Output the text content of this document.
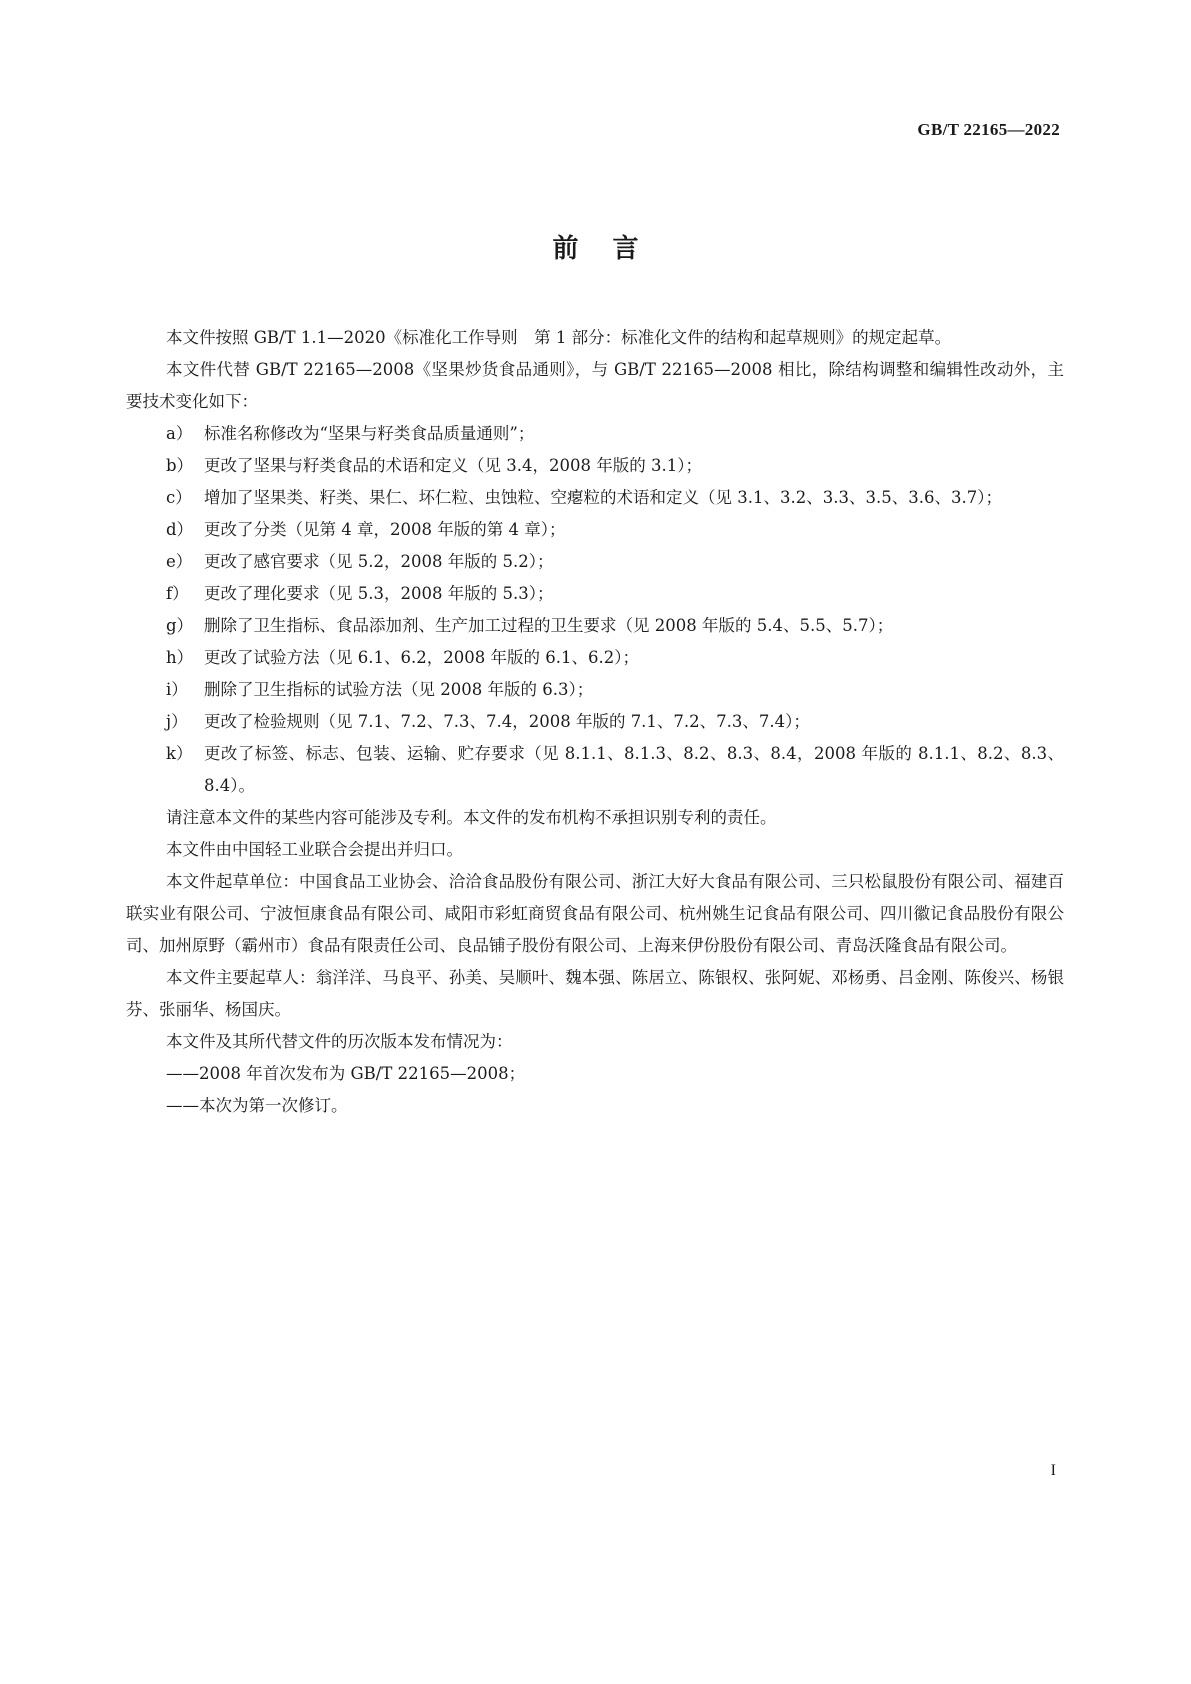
GB/T 22165—2022
前言

本文件按照 GB/T 1.1—2020《标准化工作导则　第 1 部分：标准化文件的结构和起草规则》的规定起草。

本文件代替 GB/T 22165—2008《坚果炒货食品通则》，与 GB/T 22165—2008 相比，除结构调整和编辑性改动外，主要技术变化如下：

a） 标准名称修改为“坚果与籽类食品质量通则”；
b） 更改了坚果与籽类食品的术语和定义（见 3.4，2008 年版的 3.1）；
c） 增加了坚果类、籽类、果仁、坏仁粒、虫蚀粒、空瘪粒的术语和定义（见 3.1、3.2、3.3、3.5、3.6、3.7）；
d） 更改了分类（见第 4 章，2008 年版的第 4 章）；
e） 更改了感官要求（见 5.2，2008 年版的 5.2）；
f） 更改了理化要求（见 5.3，2008 年版的 5.3）；
g） 删除了卫生指标、食品添加剂、生产加工过程的卫生要求（见 2008 年版的 5.4、5.5、5.7）；
h） 更改了试验方法（见 6.1、6.2，2008 年版的 6.1、6.2）；
i） 删除了卫生指标的试验方法（见 2008 年版的 6.3）；
j） 更改了检验规则（见 7.1、7.2、7.3、7.4，2008 年版的 7.1、7.2、7.3、7.4）；
k） 更改了标签、标志、包装、运输、贮存要求（见 8.1.1、8.1.3、8.2、8.3、8.4，2008 年版的 8.1.1、8.2、8.3、8.4）。

请注意本文件的某些内容可能涉及专利。本文件的发布机构不承担识别专利的责任。

本文件由中国轻工业联合会提出并归口。

本文件起草单位：中国食品工业协会、洽洽食品股份有限公司、浙江大好大食品有限公司、三只松鼠股份有限公司、福建百联实业有限公司、宁波恒康食品有限公司、咸阳市彩虹商贸食品有限公司、杭州姚生记食品有限公司、四川徽记食品股份有限公司、加州原野（霸州市）食品有限责任公司、良品铺子股份有限公司、上海来伊份股份有限公司、青岛沃隆食品有限公司。

本文件主要起草人：翁洋洋、马良平、孙美、吴顺叶、魏本强、陈居立、陈银权、张阿妮、邓杨勇、吕金刚、陈俊兴、杨银芬、张丽华、杨国庆。

本文件及其所代替文件的历次版本发布情况为：

——2008 年首次发布为 GB/T 22165—2008；

——本次为第一次修订。

I
